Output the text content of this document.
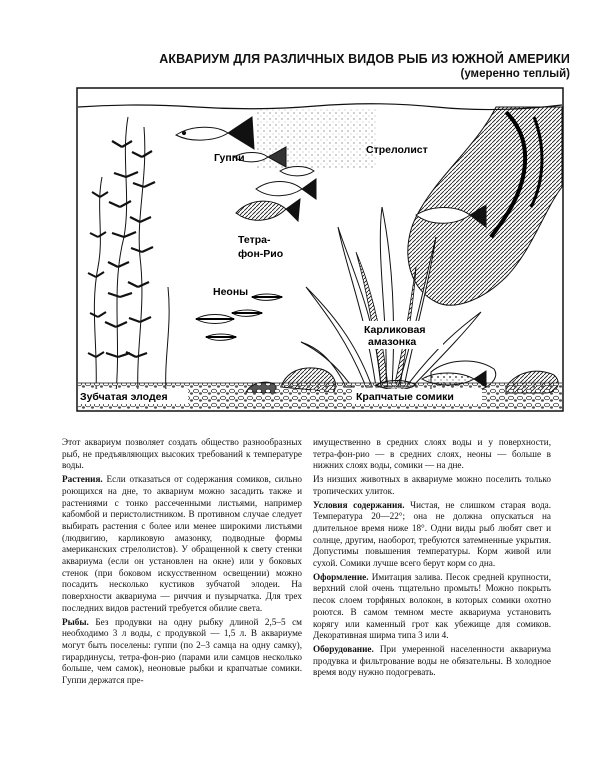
АКВАРИУМ ДЛЯ РАЗЛИЧНЫХ ВИДОВ РЫБ ИЗ ЮЖНОЙ АМЕРИКИ
(умеренно теплый)
Гуппи
Стрелолист
Тетра-
фон-Рио
Неоны
Карликовая
амазонка
Зубчатая элодея	Крапчатые сомики

Этот аквариум позволяет создать общество разнообразных рыб, не предъявляющих высоких требований к температуре воды.

Растения. Если отказаться от содержания сомиков, сильно роющихся на дне, то аквариум можно засадить также и растениями с тонко рассеченными листьями, например кабомбой и перистолистником. В противном случае следует выбирать растения с более или менее широкими листьями (людвигию, карликовую амазонку, подводные формы американских стрелолистов). У обращенной к свету стенки аквариума (если он установлен на окне) или у боковых стенок (при боковом искусственном освещении) можно посадить несколько кустиков зубчатой элодеи. На поверхности аквариума — риччия и пузырчатка. Для трех последних видов растений требуется обилие света.

Рыбы. Без продувки на одну рыбку длиной 2,5–5 см необходимо 3 л воды, с продувкой — 1,5 л. В аквариуме могут быть поселены: гуппи (по 2–3 самца на одну самку), гирардинусы, тетра-фон-рио (парами или самцов несколько больше, чем самок), неоновые рыбки и крапчатые сомики. Гуппи держатся пре-

имущественно в средних слоях воды и у поверхности, тетра-фон-рио — в средних слоях, неоны — больше в нижних слоях воды, сомики — на дне.

Из низших животных в аквариуме можно поселить только тропических улиток.

Условия содержания. Чистая, не слишком старая вода. Температура 20—22°; она не должна опускаться на длительное время ниже 18°. Одни виды рыб любят свет и солнце, другим, наоборот, требуются затемненные укрытия. Допустимы повышения температуры. Корм живой или сухой. Сомики лучше всего берут корм со дна.

Оформление. Имитация залива. Песок средней крупности, верхний слой очень тщательно промыть! Можно покрыть песок слоем торфяных волокон, в которых сомики охотно роются. В самом темном месте аквариума установить корягу или каменный грот как убежище для сомиков. Декоративная ширма типа 3 или 4.

Оборудование. При умеренной населенности аквариума продувка и фильтрование воды не обязательны. В холодное время воду нужно подогревать.
